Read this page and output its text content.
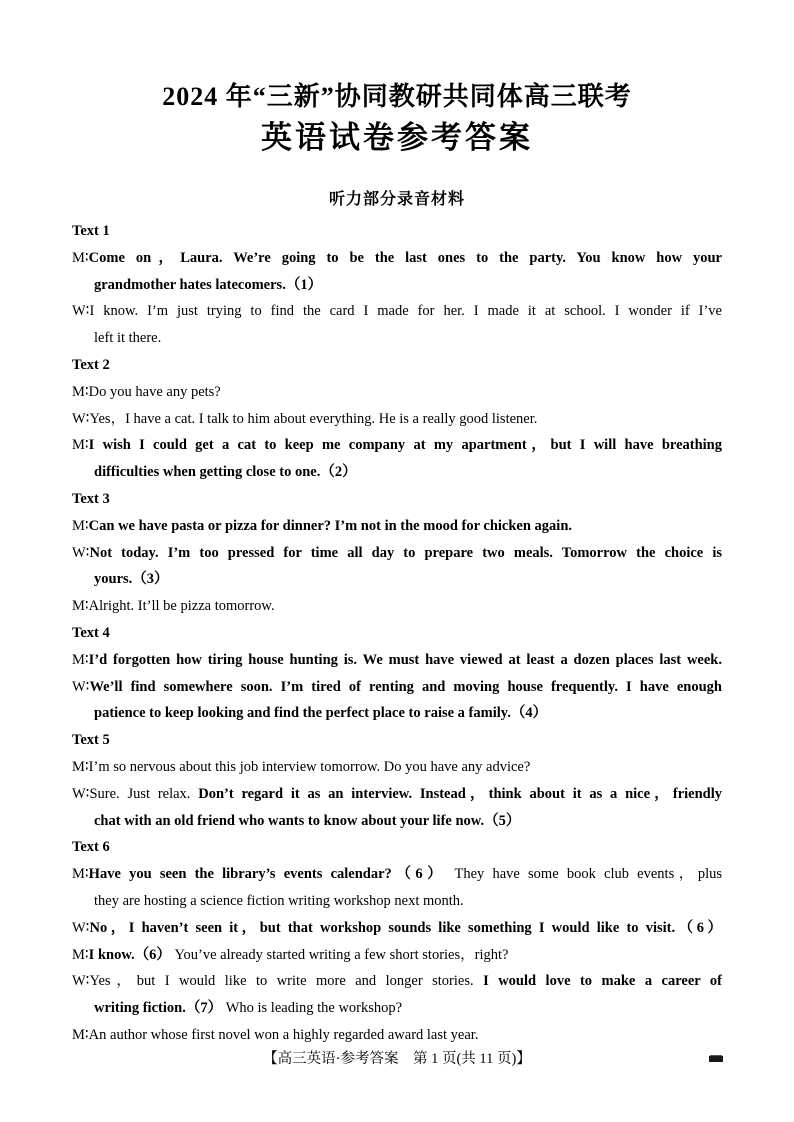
2024 年“三新”协同教研共同体高三联考
英语试卷参考答案
听力部分录音材料
Text 1
M∶Come on，Laura. We’re going to be the last ones to the party. You know how your
grandmother hates latecomers.（1）
W∶I know. I’m just trying to find the card I made for her. I made it at school. I wonder if I’ve
left it there.
Text 2
M∶Do you have any pets?
W∶Yes，I have a cat. I talk to him about everything. He is a really good listener.
M∶I wish I could get a cat to keep me company at my apartment，but I will have breathing
difficulties when getting close to one.（2）
Text 3
M∶Can we have pasta or pizza for dinner? I’m not in the mood for chicken again.
W∶Not today. I’m too pressed for time all day to prepare two meals. Tomorrow the choice is
yours.（3）
M∶Alright. It’ll be pizza tomorrow.
Text 4
M∶I’d forgotten how tiring house hunting is. We must have viewed at least a dozen places last week.
W∶We’ll find somewhere soon. I’m tired of renting and moving house frequently. I have enough
patience to keep looking and find the perfect place to raise a family.（4）
Text 5
M∶I’m so nervous about this job interview tomorrow. Do you have any advice?
W∶Sure. Just relax. Don’t regard it as an interview. Instead，think about it as a nice，friendly
chat with an old friend who wants to know about your life now.（5）
Text 6
M∶Have you seen the library’s events calendar?（6） They have some book club events，plus
they are hosting a science fiction writing workshop next month.
W∶No，I haven’t seen it，but that workshop sounds like something I would like to visit.（6）
M∶I know.（6） You’ve already started writing a few short stories，right?
W∶Yes，but I would like to write more and longer stories. I would love to make a career of
writing fiction.（7） Who is leading the workshop?
M∶An author whose first novel won a highly regarded award last year.
【高三英语·参考答案　第 1 页(共 11 页)】
